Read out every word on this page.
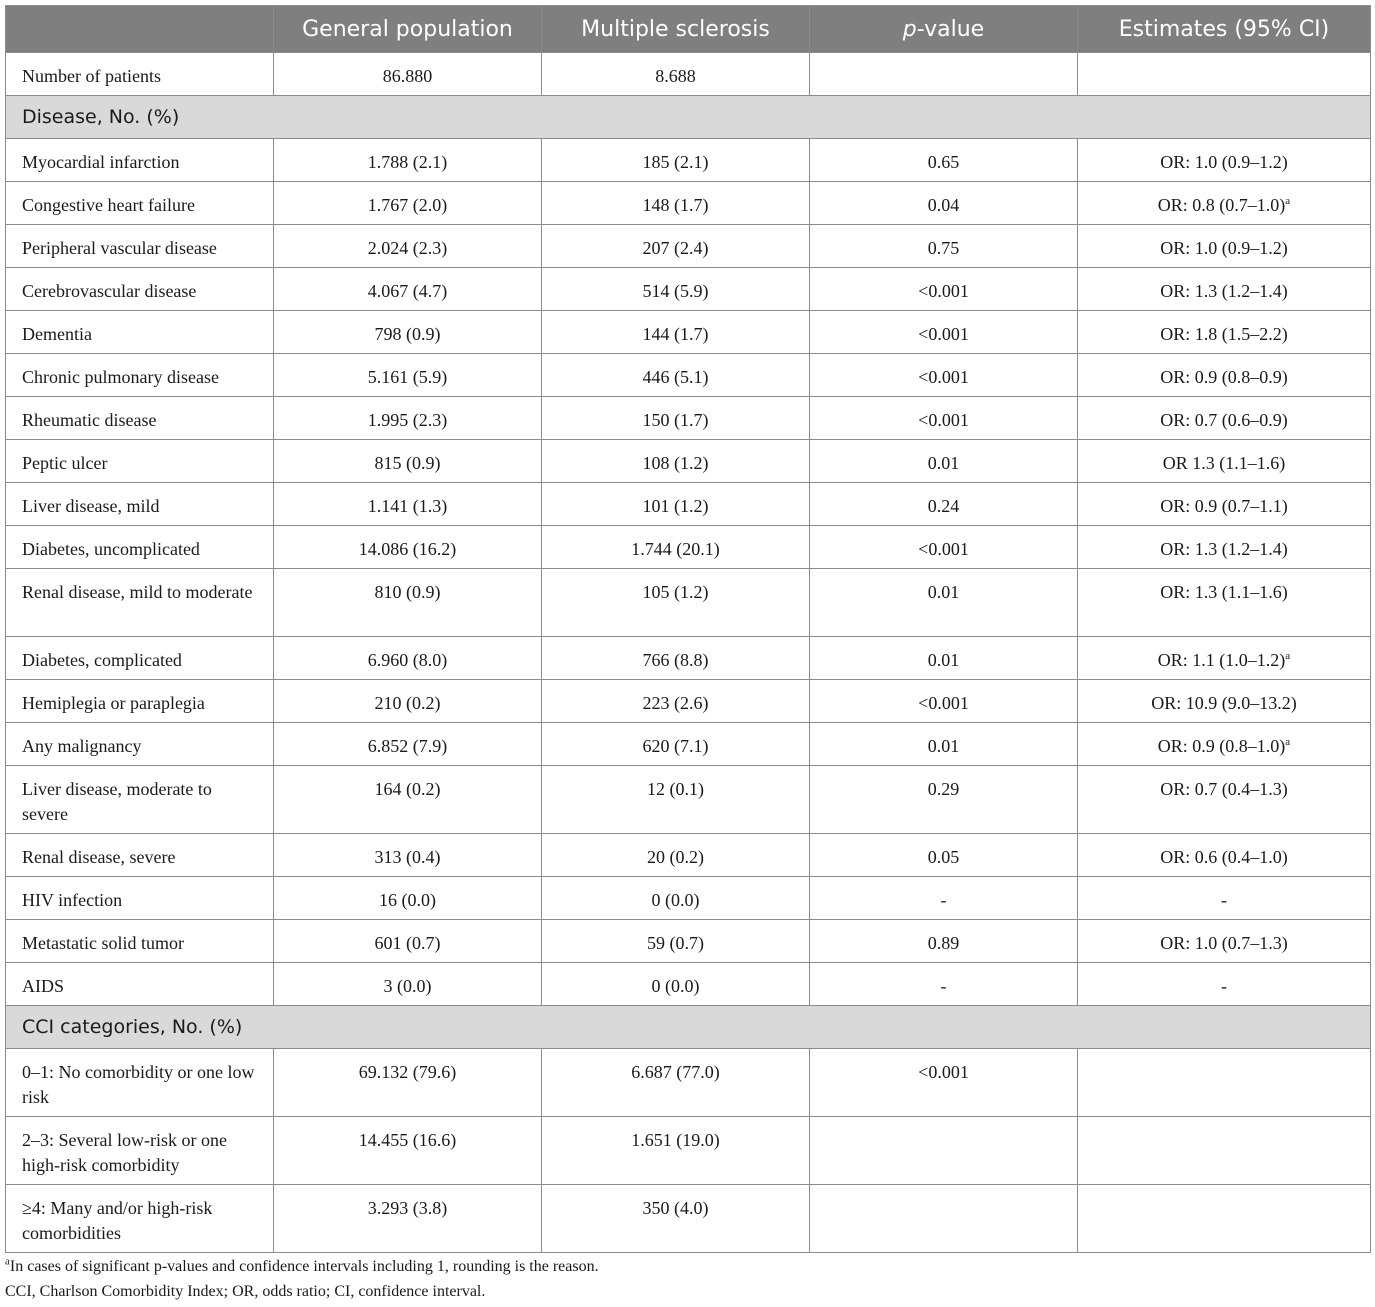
	General population	Multiple sclerosis	p-value	Estimates (95% CI)
Number of patients	86.880	8.688		
Disease, No. (%)				
Myocardial infarction	1.788 (2.1)	185 (2.1)	0.65	OR: 1.0 (0.9–1.2)
Congestive heart failure	1.767 (2.0)	148 (1.7)	0.04	OR: 0.8 $(0.7-1.0)^a$
Peripheral vascular disease	2.024 (2.3)	207 (2.4)	0.75	OR: 1.0 (0.9–1.2)
Cerebrovascular disease	4.067 (4.7)	514 (5.9)	<0.001	OR: 1.3 (1.2–1.4)
Dementia	798 (0.9)	144 (1.7)	<0.001	OR: 1.8 (1.5–2.2)
Chronic pulmonary disease	5.161 (5.9)	446 (5.1)	<0.001	OR: 0.9 (0.8–0.9)
Rheumatic disease	1.995 (2.3)	150 (1.7)	<0.001	OR: 0.7 (0.6–0.9)
Peptic ulcer	815 (0.9)	108 (1.2)	0.01	OR 1.3 (1.1–1.6)
Liver disease, mild	1.141 (1.3)	101 (1.2)	0.24	OR: 0.9 (0.7–1.1)
Diabetes, uncomplicated	14.086 (16.2)	1.744 (20.1)	<0.001	OR: 1.3 (1.2–1.4)
Renal disease, mild to moderate	810 (0.9)	105 (1.2)	0.01	OR: 1.3 (1.1–1.6)
Diabetes, complicated	6.960 (8.0)	766 (8.8)	0.01	OR: 1.1 $(1.0-1.2)^a$
Hemiplegia or paraplegia	210 (0.2)	223 (2.6)	<0.001	OR: 10.9 (9.0–13.2)
Any malignancy	6.852 (7.9)	620 (7.1)	0.01	OR: 0.9 $(0.8-1.0)^a$
Liver disease, moderate to severe	164 (0.2)	12 (0.1)	0.29	OR: 0.7 (0.4–1.3)
Renal disease, severe	313 (0.4)	20 (0.2)	0.05	OR: 0.6 (0.4–1.0)
HIV infection	16 (0.0)	0 (0.0)	-	-
Metastatic solid tumor	601 (0.7)	59 (0.7)	0.89	OR: 1.0 (0.7–1.3)
AIDS	3 (0.0)	0 (0.0)	-	-
CCI categories, No. (%)				
0–1: No comorbidity or one low risk	69.132 (79.6)	6.687 (77.0)	<0.001	
2–3: Several low-risk or one high-risk comorbidity	14.455 (16.6)	1.651 (19.0)		
≥4: Many and/or high-risk comorbidities	3.293 (3.8)	350 (4.0)		
$^a$In cases of significant p-values and confidence intervals including 1, rounding is the reason.
CCI, Charlson Comorbidity Index; OR, odds ratio; CI, confidence interval.
